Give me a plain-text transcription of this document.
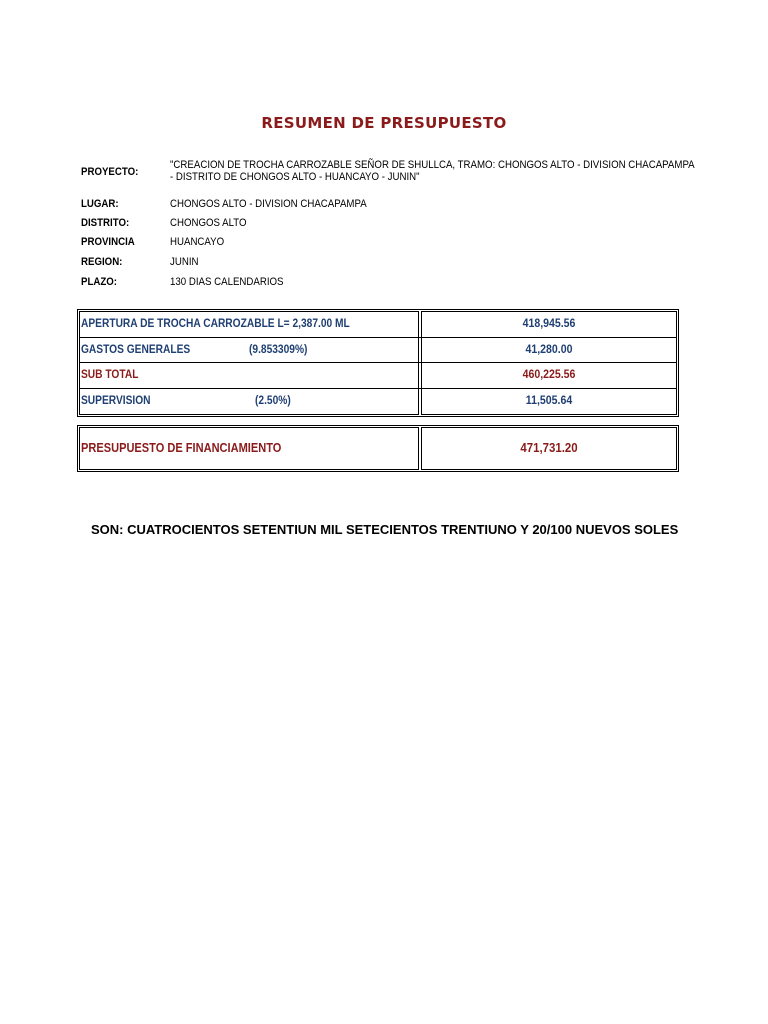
RESUMEN DE PRESUPUESTO
PROYECTO:
"CREACION DE TROCHA CARROZABLE SEÑOR DE SHULLCA, TRAMO: CHONGOS ALTO - DIVISION CHACAPAMPA
- DISTRITO DE CHONGOS ALTO - HUANCAYO - JUNIN"
LUGAR:	CHONGOS ALTO - DIVISION CHACAPAMPA
DISTRITO:	CHONGOS ALTO
PROVINCIA	HUANCAYO
REGION:	JUNIN
PLAZO:	130 DIAS CALENDARIOS
APERTURA DE TROCHA CARROZABLE L= 2,387.00 ML	418,945.56
GASTOS GENERALES	(9.853309%)	41,280.00
SUB TOTAL	460,225.56
SUPERVISION	(2.50%)	11,505.64
PRESUPUESTO DE FINANCIAMIENTO	471,731.20
SON: CUATROCIENTOS SETENTIUN MIL SETECIENTOS TRENTIUNO Y 20/100 NUEVOS SOLES
